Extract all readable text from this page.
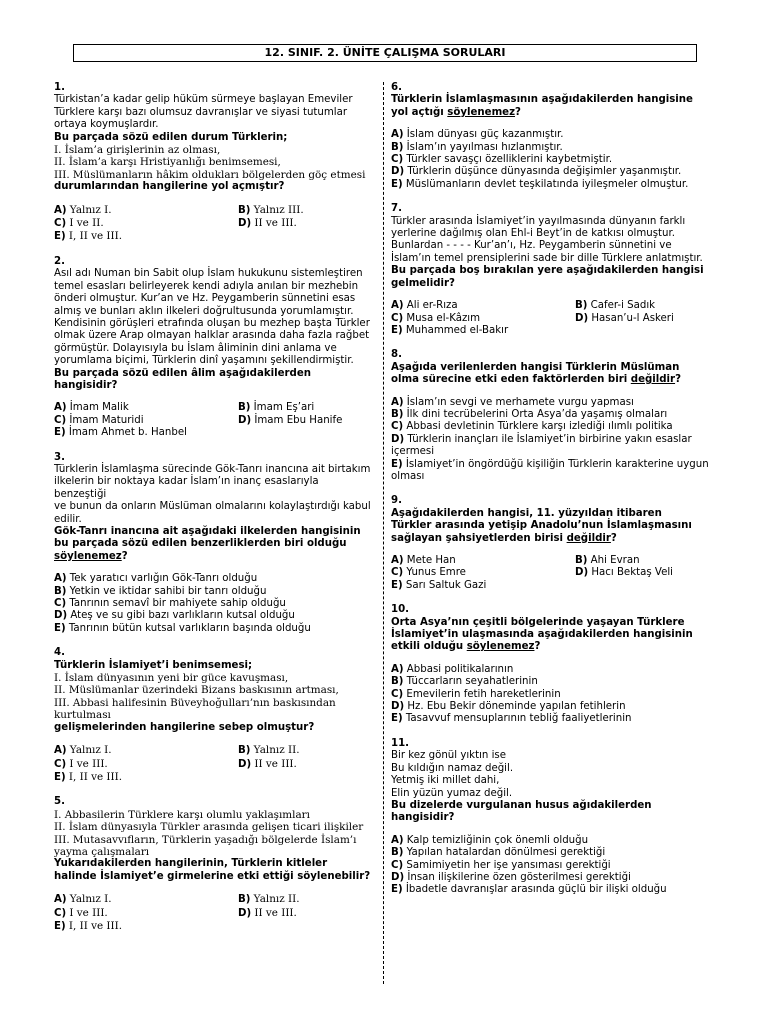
12. SINIF. 2. ÜNİTE ÇALIŞMA SORULARI
1.
Türkistan’a kadar gelip hüküm sürmeye başlayan Emeviler
Türklere karşı bazı olumsuz davranışlar ve siyasi tutumlar
ortaya koymuşlardır.
Bu parçada sözü edilen durum Türklerin;
I. İslam’a girişlerinin az olması,
II. İslam’a karşı Hristiyanlığı benimsemesi,
III. Müslümanların hâkim oldukları bölgelerden göç etmesi
durumlarından hangilerine yol açmıştır?
A) Yalnız I.	B) Yalnız III.
C) I ve II.	D) II ve III.
E) I, II ve III.
2.
Asıl adı Numan bin Sabit olup İslam hukukunu sistemleştiren
temel esasları belirleyerek kendi adıyla anılan bir mezhebin
önderi olmuştur. Kur’an ve Hz. Peygamberin sünnetini esas
almış ve bunları aklın ilkeleri doğrultusunda yorumlamıştır.
Kendisinin görüşleri etrafında oluşan bu mezhep başta Türkler
olmak üzere Arap olmayan halklar arasında daha fazla rağbet
görmüştür. Dolayısıyla bu İslam âliminin dini anlama ve
yorumlama biçimi, Türklerin dinî yaşamını şekillendirmiştir.
Bu parçada sözü edilen âlim aşağıdakilerden hangisidir?
A) İmam Malik	B) İmam Eş’ari
C) İmam Maturidi	D) İmam Ebu Hanife
E) İmam Ahmet b. Hanbel
3.
Türklerin İslamlaşma sürecinde Gök-Tanrı inancına ait birtakım
ilkelerin bir noktaya kadar İslam’ın inanç esaslarıyla benzeştiği
ve bunun da onların Müslüman olmalarını kolaylaştırdığı kabul
edilir.
Gök-Tanrı inancına ait aşağıdaki ilkelerden hangisinin
bu parçada sözü edilen benzerliklerden biri olduğu
söylenemez?
A) Tek yaratıcı varlığın Gök-Tanrı olduğu
B) Yetkin ve iktidar sahibi bir tanrı olduğu
C) Tanrının semavî bir mahiyete sahip olduğu
D) Ateş ve su gibi bazı varlıkların kutsal olduğu
E) Tanrının bütün kutsal varlıkların başında olduğu
4.
Türklerin İslamiyet’i benimsemesi;
I. İslam dünyasının yeni bir güce kavuşması,
II. Müslümanlar üzerindeki Bizans baskısının artması,
III. Abbasi halifesinin Büveyhoğulları’nın baskısından
kurtulması
gelişmelerinden hangilerine sebep olmuştur?
A) Yalnız I.	B) Yalnız II.
C) I ve III.	D) II ve III.
E) I, II ve III.
5.
I. Abbasilerin Türklere karşı olumlu yaklaşımları
II. İslam dünyasıyla Türkler arasında gelişen ticari ilişkiler
III. Mutasavvıfların, Türklerin yaşadığı bölgelerde İslam’ı
yayma çalışmaları
Yukarıdakilerden hangilerinin, Türklerin kitleler
halinde İslamiyet’e girmelerine etki ettiği söylenebilir?
A) Yalnız I.	B) Yalnız II.
C) I ve III.	D) II ve III.
E) I, II ve III.
6.
Türklerin İslamlaşmasının aşağıdakilerden hangisine
yol açtığı söylenemez?
A) İslam dünyası güç kazanmıştır.
B) İslam’ın yayılması hızlanmıştır.
C) Türkler savaşçı özelliklerini kaybetmiştir.
D) Türklerin düşünce dünyasında değişimler yaşanmıştır.
E) Müslümanların devlet teşkilatında iyileşmeler olmuştur.
7.
Türkler arasında İslamiyet’in yayılmasında dünyanın farklı
yerlerine dağılmış olan Ehl-i Beyt’in de katkısı olmuştur.
Bunlardan - - - - Kur’an’ı, Hz. Peygamberin sünnetini ve
İslam’ın temel prensiplerini sade bir dille Türklere anlatmıştır.
Bu parçada boş bırakılan yere aşağıdakilerden hangisi
gelmelidir?
A) Ali er-Rıza	B) Cafer-i Sadık
C) Musa el-Kâzım	D) Hasan’u-l Askeri
E) Muhammed el-Bakır
8.
Aşağıda verilenlerden hangisi Türklerin Müslüman
olma sürecine etki eden faktörlerden biri değildir?
A) İslam’ın sevgi ve merhamete vurgu yapması
B) İlk dini tecrübelerini Orta Asya’da yaşamış olmaları
C) Abbasi devletinin Türklere karşı izlediği ılımlı politika
D) Türklerin inançları ile İslamiyet’in birbirine yakın esaslar içermesi
E) İslamiyet’in öngördüğü kişiliğin Türklerin karakterine uygun olması
9.
Aşağıdakilerden hangisi, 11. yüzyıldan itibaren
Türkler arasında yetişip Anadolu’nun İslamlaşmasını
sağlayan şahsiyetlerden birisi değildir?
A) Mete Han	B) Ahi Evran
C) Yunus Emre	D) Hacı Bektaş Veli
E) Sarı Saltuk Gazi
10.
Orta Asya’nın çeşitli bölgelerinde yaşayan Türklere
İslamiyet’in ulaşmasında aşağıdakilerden hangisinin
etkili olduğu söylenemez?
A) Abbasi politikalarının
B) Tüccarların seyahatlerinin
C) Emevilerin fetih hareketlerinin
D) Hz. Ebu Bekir döneminde yapılan fetihlerin
E) Tasavvuf mensuplarının tebliğ faaliyetlerinin
11.
Bir kez gönül yıktın ise
Bu kıldığın namaz değil.
Yetmiş iki millet dahi,
Elin yüzün yumaz değil.
Bu dizelerde vurgulanan husus ağıdakilerden
hangisidir?
A) Kalp temizliğinin çok önemli olduğu
B) Yapılan hatalardan dönülmesi gerektiği
C) Samimiyetin her işe yansıması gerektiği
D) İnsan ilişkilerine özen gösterilmesi gerektiği
E) İbadetle davranışlar arasında güçlü bir ilişki olduğu
